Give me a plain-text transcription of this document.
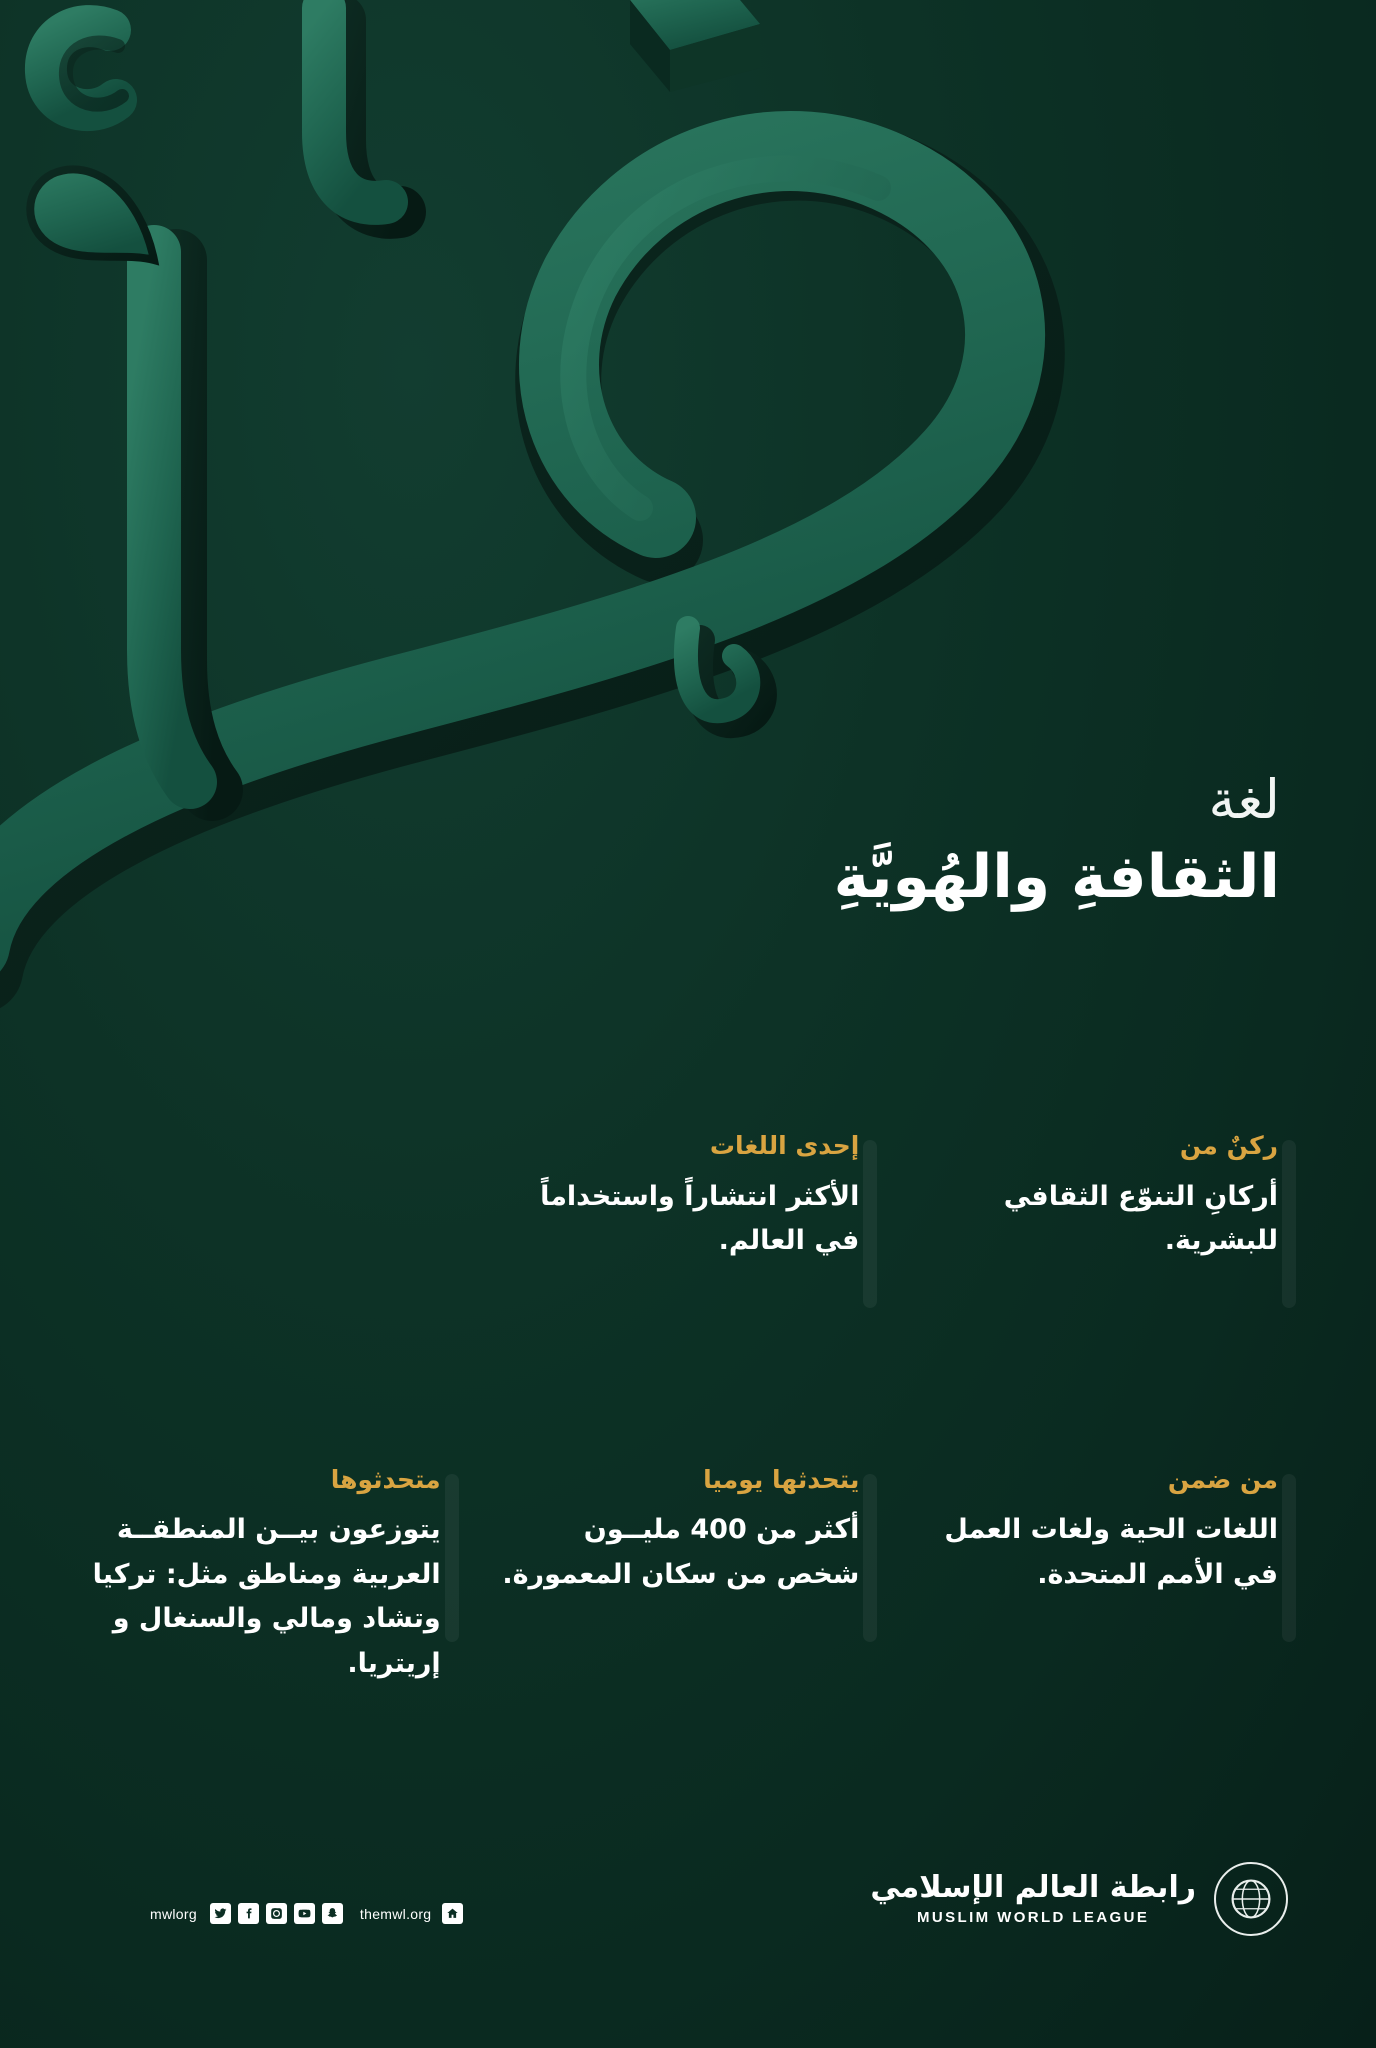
لغة
الثقافةِ والهُويَّةِ
ركنٌ من
أركانِ التنوّع الثقافي للبشرية.
إحدى اللغات
الأكثر انتشاراً واستخداماً في العالم.
من ضمن
اللغات الحية ولغات العمل في الأمم المتحدة.
يتحدثها يوميا
أكثر من 400 مليــون شخص من سكان المعمورة.
متحدثوها
يتوزعون بيــن المنطقــة العربية ومناطق مثل: تركيا وتشاد ومالي والسنغال و إريتريا.
رابطة العالم الإسلامي
MUSLIM WORLD LEAGUE
mwlorg	themwl.org
